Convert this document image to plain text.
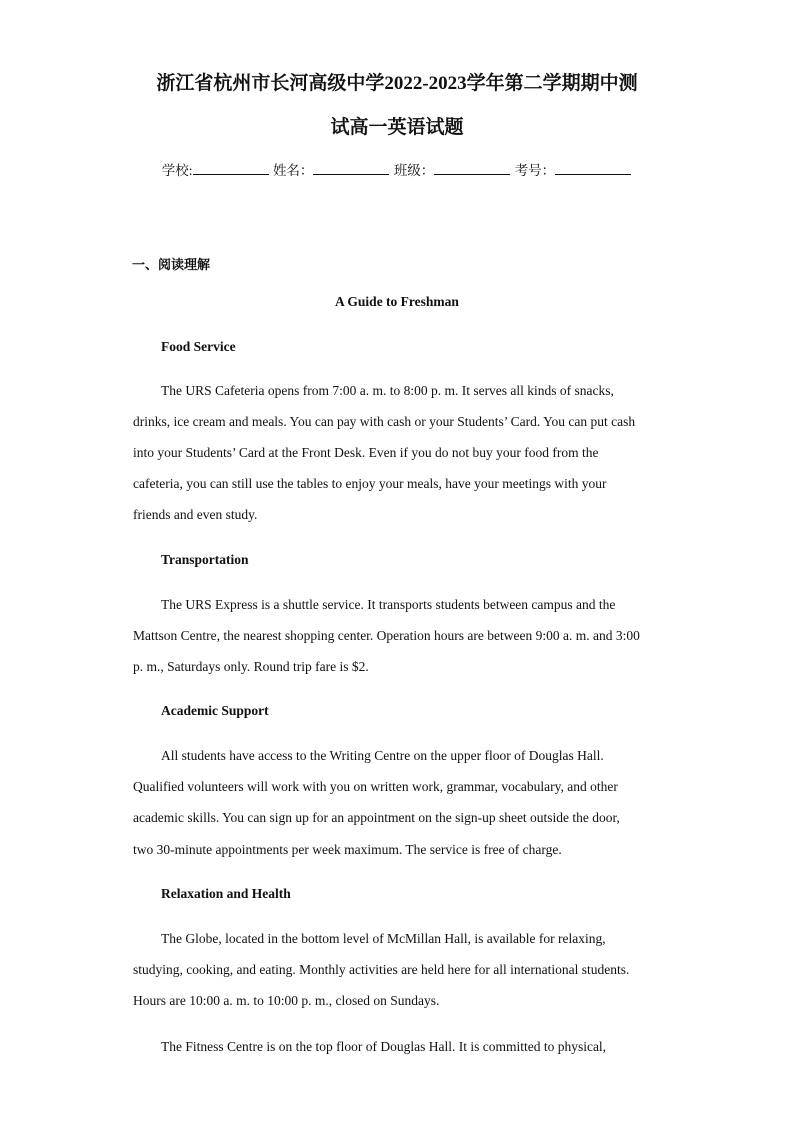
浙江省杭州市长河高级中学2022-2023学年第二学期期中测
试高一英语试题
学校:	姓名：	班级：	考号：
一、阅读理解
A Guide to Freshman
Food Service
The URS Cafeteria opens from 7:00 a. m. to 8:00 p. m. It serves all kinds of snacks,
drinks, ice cream and meals. You can pay with cash or your Students’ Card. You can put cash
into your Students’ Card at the Front Desk. Even if you do not buy your food from the
cafeteria, you can still use the tables to enjoy your meals, have your meetings with your
friends and even study.
Transportation
The URS Express is a shuttle service. It transports students between campus and the
Mattson Centre, the nearest shopping center. Operation hours are between 9:00 a. m. and 3:00
p. m., Saturdays only. Round trip fare is $2.
Academic Support
All students have access to the Writing Centre on the upper floor of Douglas Hall.
Qualified volunteers will work with you on written work, grammar, vocabulary, and other
academic skills. You can sign up for an appointment on the sign-up sheet outside the door,
two 30-minute appointments per week maximum. The service is free of charge.
Relaxation and Health
The Globe, located in the bottom level of McMillan Hall, is available for relaxing,
studying, cooking, and eating. Monthly activities are held here for all international students.
Hours are 10:00 a. m. to 10:00 p. m., closed on Sundays.
The Fitness Centre is on the top floor of Douglas Hall. It is committed to physical,
